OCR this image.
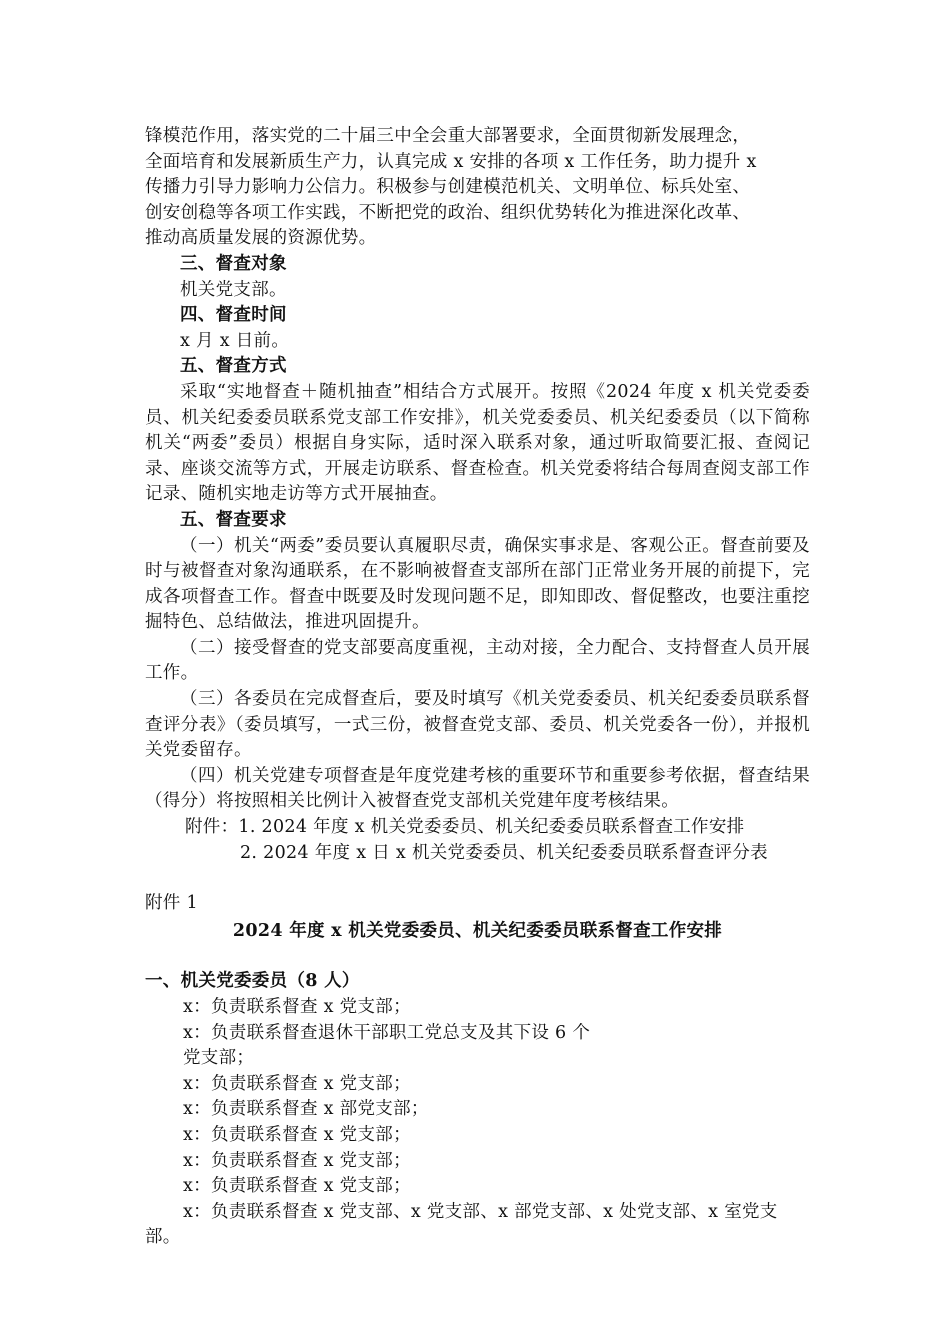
锋模范作用，落实党的二十届三中全会重大部署要求，全面贯彻新发展理念，

全面培育和发展新质生产力，认真完成 x 安排的各项 x 工作任务，助力提升 x

传播力引导力影响力公信力。积极参与创建模范机关、文明单位、标兵处室、

创安创稳等各项工作实践，不断把党的政治、组织优势转化为推进深化改革、

推动高质量发展的资源优势。

三、督查对象

机关党支部。

四、督查时间

x 月 x 日前。

五、督查方式

采取“实地督查＋随机抽查”相结合方式展开。按照《2024 年度 x 机关党委委员、机关纪委委员联系党支部工作安排》，机关党委委员、机关纪委委员（以下简称机关“两委”委员）根据自身实际，适时深入联系对象，通过听取简要汇报、查阅记录、座谈交流等方式，开展走访联系、督查检查。机关党委将结合每周查阅支部工作记录、随机实地走访等方式开展抽查。

五、督查要求

（一）机关“两委”委员要认真履职尽责，确保实事求是、客观公正。督查前要及时与被督查对象沟通联系，在不影响被督查支部所在部门正常业务开展的前提下，完成各项督查工作。督查中既要及时发现问题不足，即知即改、督促整改，也要注重挖掘特色、总结做法，推进巩固提升。

（二）接受督查的党支部要高度重视，主动对接，全力配合、支持督查人员开展工作。

（三）各委员在完成督查后，要及时填写《机关党委委员、机关纪委委员联系督查评分表》（委员填写，一式三份，被督查党支部、委员、机关党委各一份），并报机关党委留存。

（四）机关党建专项督查是年度党建考核的重要环节和重要参考依据，督查结果（得分）将按照相关比例计入被督查党支部机关党建年度考核结果。

附件：1. 2024 年度 x 机关党委委员、机关纪委委员联系督查工作安排

2. 2024 年度 x 日 x 机关党委委员、机关纪委委员联系督查评分表

附件 1

2024 年度 x 机关党委委员、机关纪委委员联系督查工作安排

一、机关党委委员（8 人）

x：负责联系督查 x 党支部；

x：负责联系督查退休干部职工党总支及其下设 6 个

党支部；

x：负责联系督查 x 党支部；

x：负责联系督查 x 部党支部；

x：负责联系督查 x 党支部；

x：负责联系督查 x 党支部；

x：负责联系督查 x 党支部；

x：负责联系督查 x 党支部、x 党支部、x 部党支部、x 处党支部、x 室党支

部。
